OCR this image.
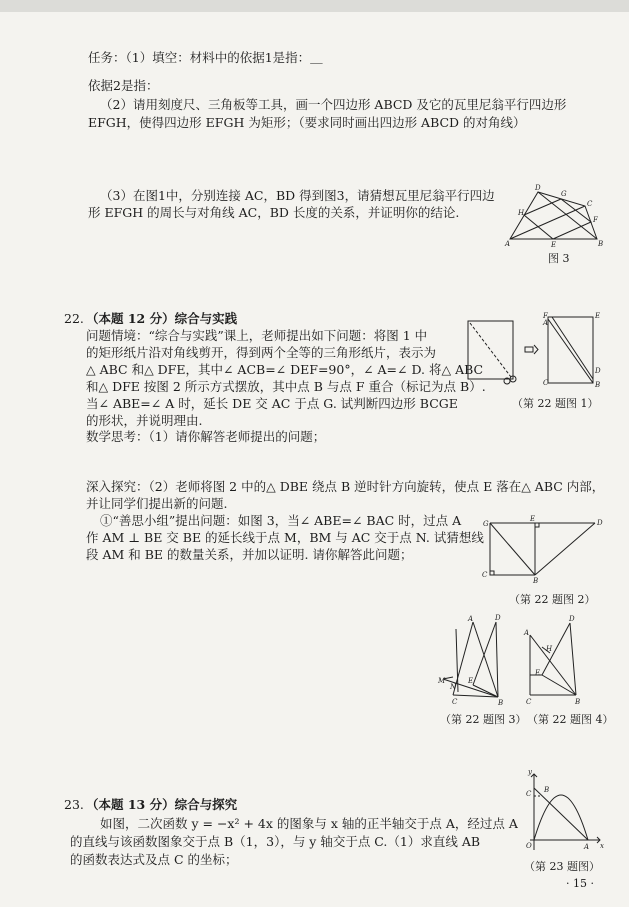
任务：（1）填空：材料中的依据1是指：＿
依据2是指：
（2）请用刻度尺、三角板等工具，画一个四边形 ABCD 及它的瓦里尼翁平行四边形
EFGH，使得四边形 EFGH 为矩形；（要求同时画出四边形 ABCD 的对角线）
（3）在图1中，分别连接 AC，BD 得到图3，请猜想瓦里尼翁平行四边
形 EFGH 的周长与对角线 AC，BD 长度的关系，并证明你的结论.
A
D
C
B
H
G
F
E
图 3
22. （本题 12 分）综合与实践
问题情境：“综合与实践”课上，老师提出如下问题：将图 1 中
的矩形纸片沿对角线剪开，得到两个全等的三角形纸片，表示为
△ ABC 和△ DFE，其中∠ ACB=∠ DEF=90°，∠ A=∠ D. 将△ ABC
和△ DFE 按图 2 所示方式摆放，其中点 B 与点 F 重合（标记为点 B）.
当∠ ABE=∠ A 时，延长 DE 交 AC 于点 G. 试判断四边形 BCGE
的形状，并说明理由.
数学思考：（1）请你解答老师提出的问题；
F	E
A
D
C	B
（第 22 题图 1）
深入探究：（2）老师将图 2 中的△ DBE 绕点 B 逆时针方向旋转，使点 E 落在△ ABC 内部，
并让同学们提出新的问题.
①“善思小组”提出问题：如图 3，当∠ ABE=∠ BAC 时，过点 A
作 AM ⊥ BE 交 BE 的延长线于点 M，BM 与 AC 交于点 N. 试猜想线
段 AM 和 BE 的数量关系，并加以证明. 请你解答此问题；
G
E	D
C
B
（第 22 题图 2）
A	D
M
N
E
C	B
（第 22 题图 3）
A
D
H
E
C	B
（第 22 题图 4）
23. （本题 13 分）综合与探究
如图，二次函数 y = −x² + 4x 的图象与 x 轴的正半轴交于点 A，经过点 A
的直线与该函数图象交于点 B（1，3），与 y 轴交于点 C.（1）求直线 AB
的函数表达式及点 C 的坐标；
y
C B
O	A x
（第 23 题图）
· 15 ·
